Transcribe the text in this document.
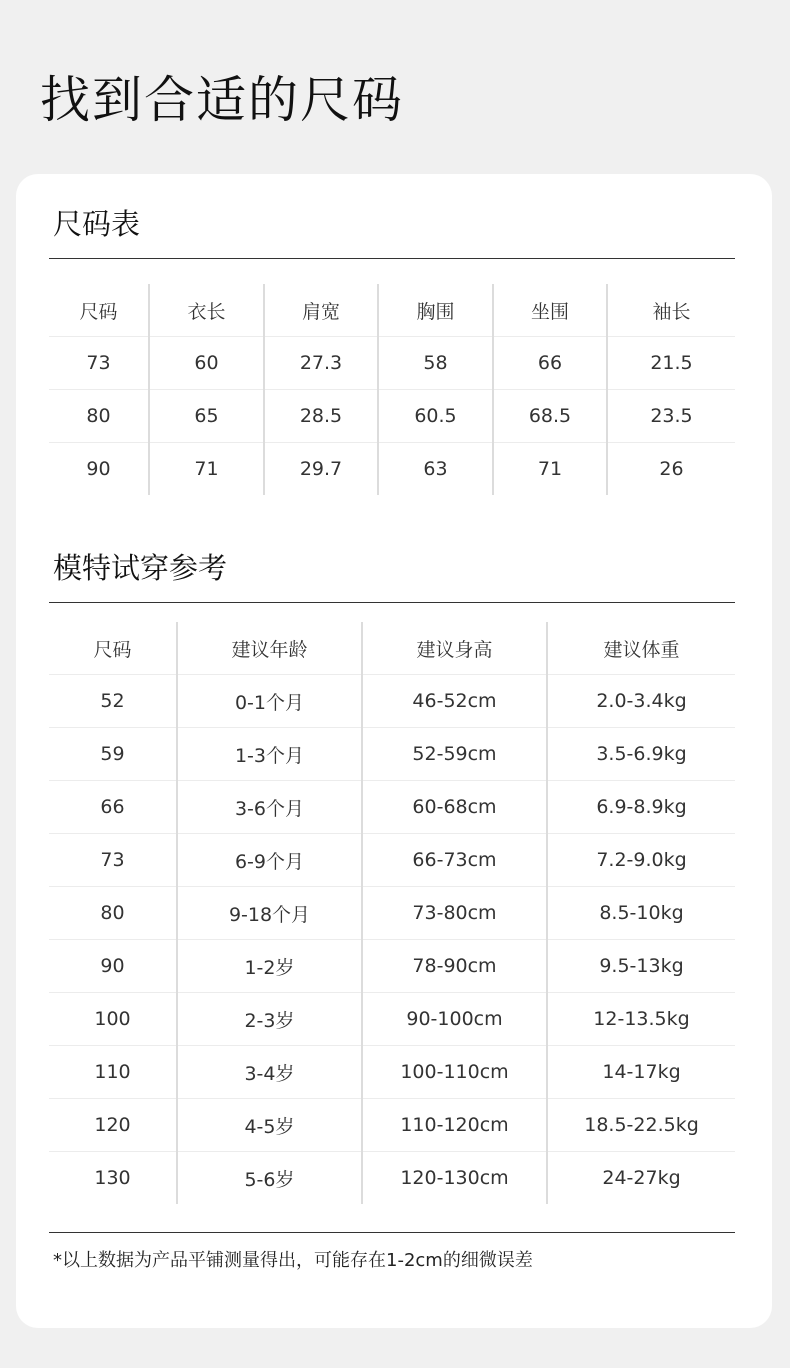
找到合适的尺码
尺码表
尺码	衣长	肩宽	胸围	坐围	袖长
73	60	27.3	58	66	21.5
80	65	28.5	60.5	68.5	23.5
90	71	29.7	63	71	26
模特试穿参考
尺码	建议年龄	建议身高	建议体重
52	0-1个月	46-52cm	2.0-3.4kg
59	1-3个月	52-59cm	3.5-6.9kg
66	3-6个月	60-68cm	6.9-8.9kg
73	6-9个月	66-73cm	7.2-9.0kg
80	9-18个月	73-80cm	8.5-10kg
90	1-2岁	78-90cm	9.5-13kg
100	2-3岁	90-100cm	12-13.5kg
110	3-4岁	100-110cm	14-17kg
120	4-5岁	110-120cm	18.5-22.5kg
130	5-6岁	120-130cm	24-27kg
*以上数据为产品平铺测量得出，可能存在1-2cm的细微误差
